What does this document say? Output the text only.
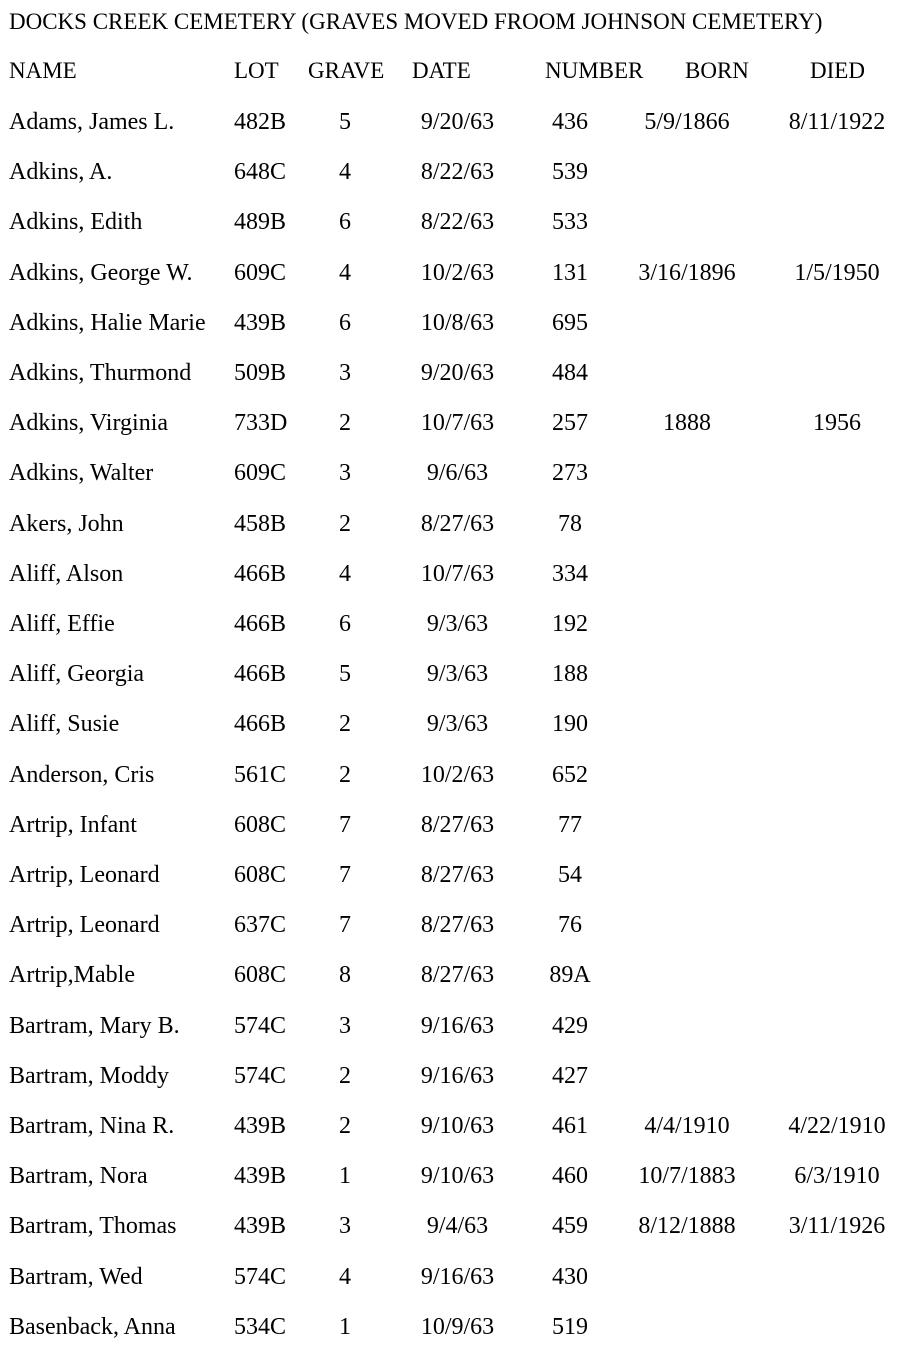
DOCKS CREEK CEMETERY (GRAVES MOVED FROOM JOHNSON CEMETERY)
NAME	LOT GRAVE DATE	NUMBER BORN	DIED
Adams, James L. 482B	5	9/20/63	436	5/9/1866	8/11/1922
Adkins, A.	648C	4	8/22/63	539
Adkins, Edith	489B	6	8/22/63	533
Adkins, George W. 609C	4	10/2/63	131	3/16/1896	1/5/1950
Adkins, Halie Marie 439B	6	10/8/63	695
Adkins, Thurmond 509B	3	9/20/63	484
Adkins, Virginia	733D	2	10/7/63	257	1888	1956
Adkins, Walter	609C	3	9/6/63	273
Akers, John	458B	2	8/27/63	78
Aliff, Alson	466B	4	10/7/63	334
Aliff, Effie	466B	6	9/3/63	192
Aliff, Georgia	466B	5	9/3/63	188
Aliff, Susie	466B	2	9/3/63	190
Anderson, Cris	561C	2	10/2/63	652
Artrip, Infant	608C	7	8/27/63	77
Artrip, Leonard	608C	7	8/27/63	54
Artrip, Leonard	637C	7	8/27/63	76
Artrip,Mable	608C	8	8/27/63	89A
Bartram, Mary B. 574C	3	9/16/63	429
Bartram, Moddy	574C	2	9/16/63	427
Bartram, Nina R. 439B	2	9/10/63	461	4/4/1910	4/22/1910
Bartram, Nora	439B	1	9/10/63	460	10/7/1883	6/3/1910
Bartram, Thomas 439B	3	9/4/63	459	8/12/1888	3/11/1926
Bartram, Wed	574C	4	9/16/63	430
Basenback, Anna 534C	1	10/9/63	519
